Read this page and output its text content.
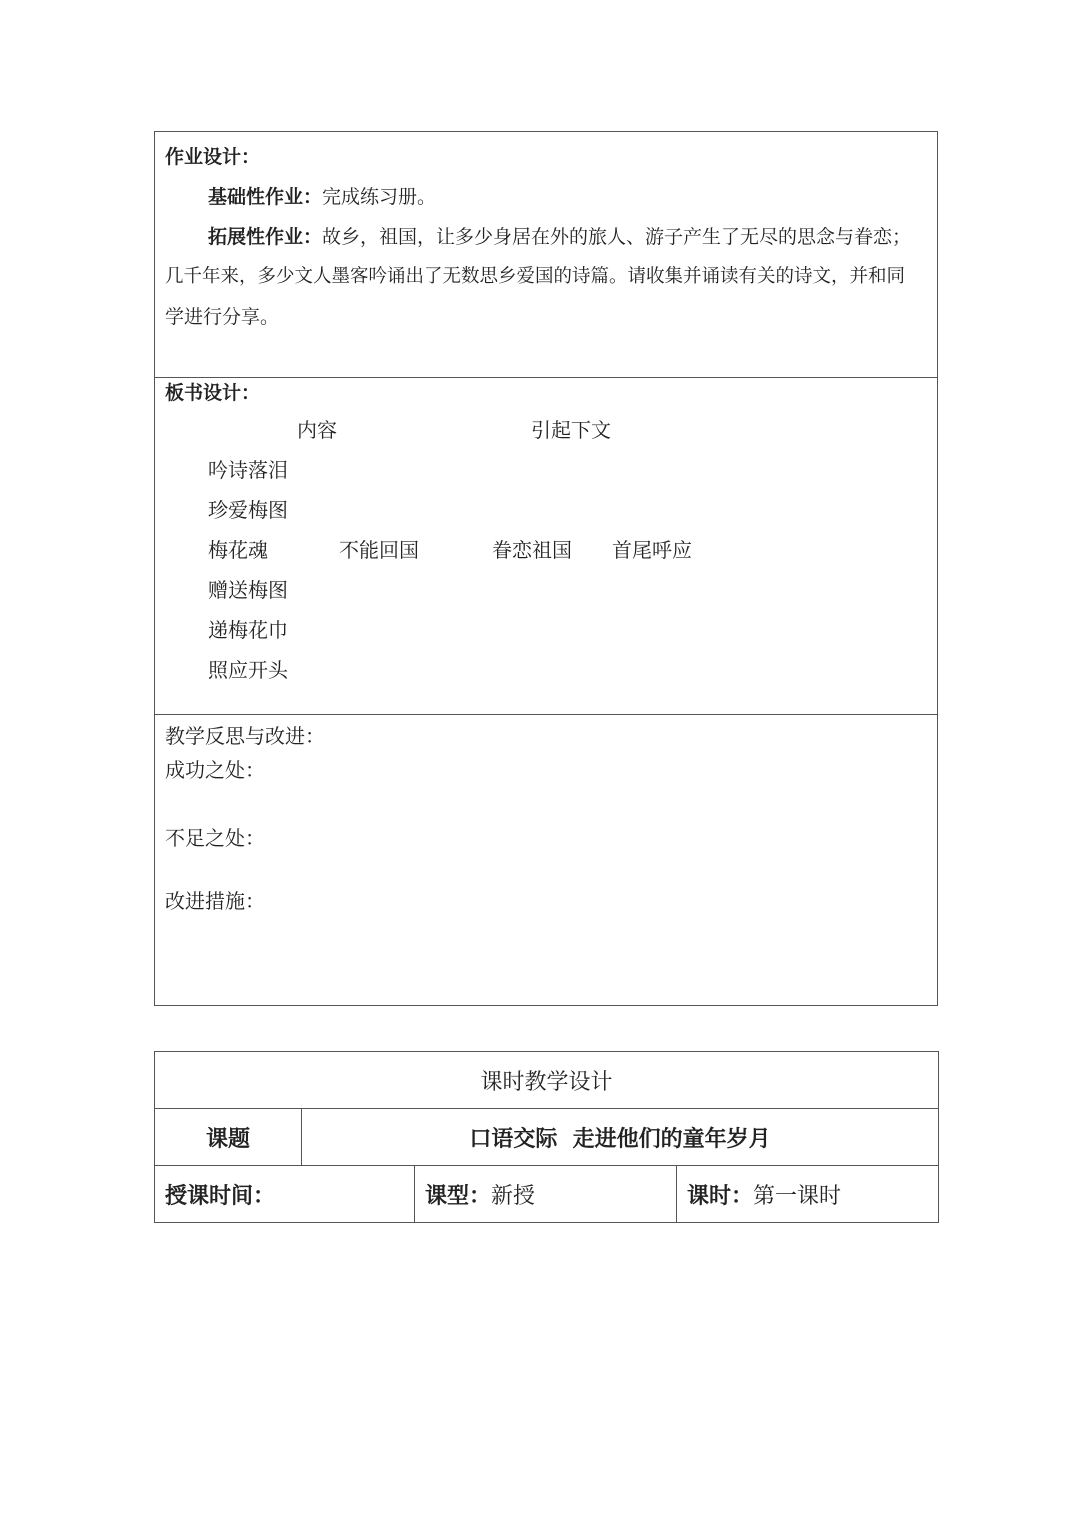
作业设计：
基础性作业：完成练习册。
拓展性作业：故乡，祖国，让多少身居在外的旅人、游子产生了无尽的思念与眷恋；
几千年来，多少文人墨客吟诵出了无数思乡爱国的诗篇。请收集并诵读有关的诗文，并和同
学进行分享。

板书设计：
内容	引起下文
吟诗落泪
珍爱梅图
梅花魂	不能回国	眷恋祖国 首尾呼应
赠送梅图
递梅花巾
照应开头

教学反思与改进：
成功之处：
不足之处：
改进措施：
课时教学设计			
课题	口语交际  走进他们的童年岁月		
授课时间：		课型：新授	课时：第一课时
